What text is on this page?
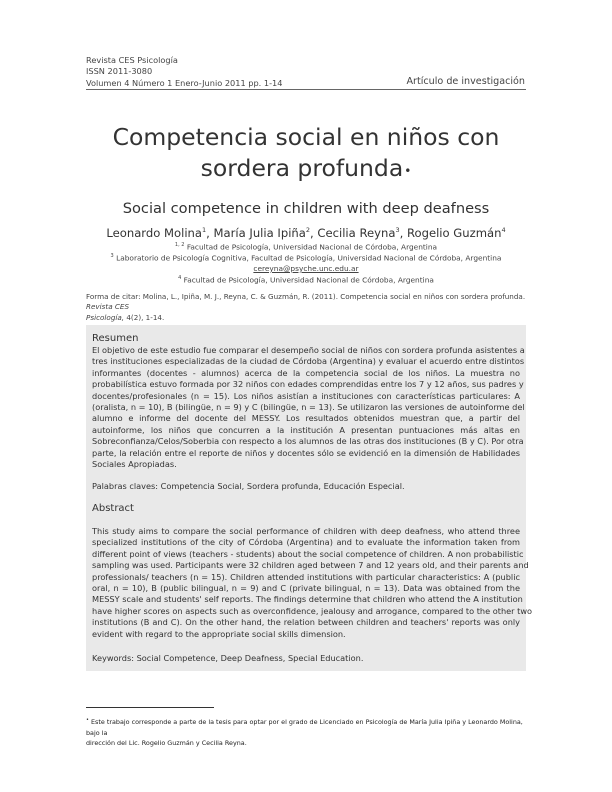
Revista CES Psicología
ISSN 2011-3080
Volumen 4 Número 1 Enero-Junio 2011 pp. 1-14	Artículo de investigación
Competencia social en niños con
sordera profunda•
Social competence in children with deep deafness
Leonardo Molina$^1$, María Julia Ipiña$^2$, Cecilia Reyna$^3$, Rogelio Guzmán$^4$
$^{1, 2}$ Facultad de Psicología, Universidad Nacional de Córdoba, Argentina
$^3$ Laboratorio de Psicología Cognitiva, Facultad de Psicología, Universidad Nacional de Córdoba, Argentina
cereyna@psyche.unc.edu.ar
$^4$ Facultad de Psicología, Universidad Nacional de Córdoba, Argentina
Forma de citar: Molina, L., Ipiña, M. J., Reyna, C. & Guzmán, R. (2011). Competencia social en niños con sordera profunda. Revista CES
Psicología, 4(2), 1-14.
Resumen
El objetivo de este estudio fue comparar el desempeño social de niños con sordera profunda asistentes a
tres instituciones especializadas de la ciudad de Córdoba (Argentina) y evaluar el acuerdo entre distintos
informantes (docentes - alumnos) acerca de la competencia social de los niños. La muestra no
probabilística estuvo formada por 32 niños con edades comprendidas entre los 7 y 12 años, sus padres y
docentes/profesionales (n = 15). Los niños asistían a instituciones con características particulares: A
(oralista, n = 10), B (bilingüe, n = 9) y C (bilingüe, n = 13). Se utilizaron las versiones de autoinforme del
alumno e informe del docente del MESSY. Los resultados obtenidos muestran que, a partir del
autoinforme, los niños que concurren a la institución A presentan puntuaciones más altas en
Sobreconfianza/Celos/Soberbia con respecto a los alumnos de las otras dos instituciones (B y C). Por otra
parte, la relación entre el reporte de niños y docentes sólo se evidenció en la dimensión de Habilidades
Sociales Apropiadas.
Palabras claves: Competencia Social, Sordera profunda, Educación Especial.
Abstract
This study aims to compare the social performance of children with deep deafness, who attend three
specialized institutions of the city of Córdoba (Argentina) and to evaluate the information taken from
different point of views (teachers - students) about the social competence of children. A non probabilistic
sampling was used. Participants were 32 children aged between 7 and 12 years old, and their parents and
professionals/ teachers (n = 15). Children attended institutions with particular characteristics: A (public
oral, n = 10), B (public bilingual, n = 9) and C (private bilingual, n = 13). Data was obtained from the
MESSY scale and students' self reports. The findings determine that children who attend the A institution
have higher scores on aspects such as overconfidence, jealousy and arrogance, compared to the other two
institutions (B and C). On the other hand, the relation between children and teachers' reports was only
evident with regard to the appropriate social skills dimension.
Keywords: Social Competence, Deep Deafness, Special Education.
• Este trabajo corresponde a parte de la tesis para optar por el grado de Licenciado en Psicología de María Julia Ipiña y Leonardo Molina, bajo la
dirección del Lic. Rogelio Guzmán y Cecilia Reyna.
